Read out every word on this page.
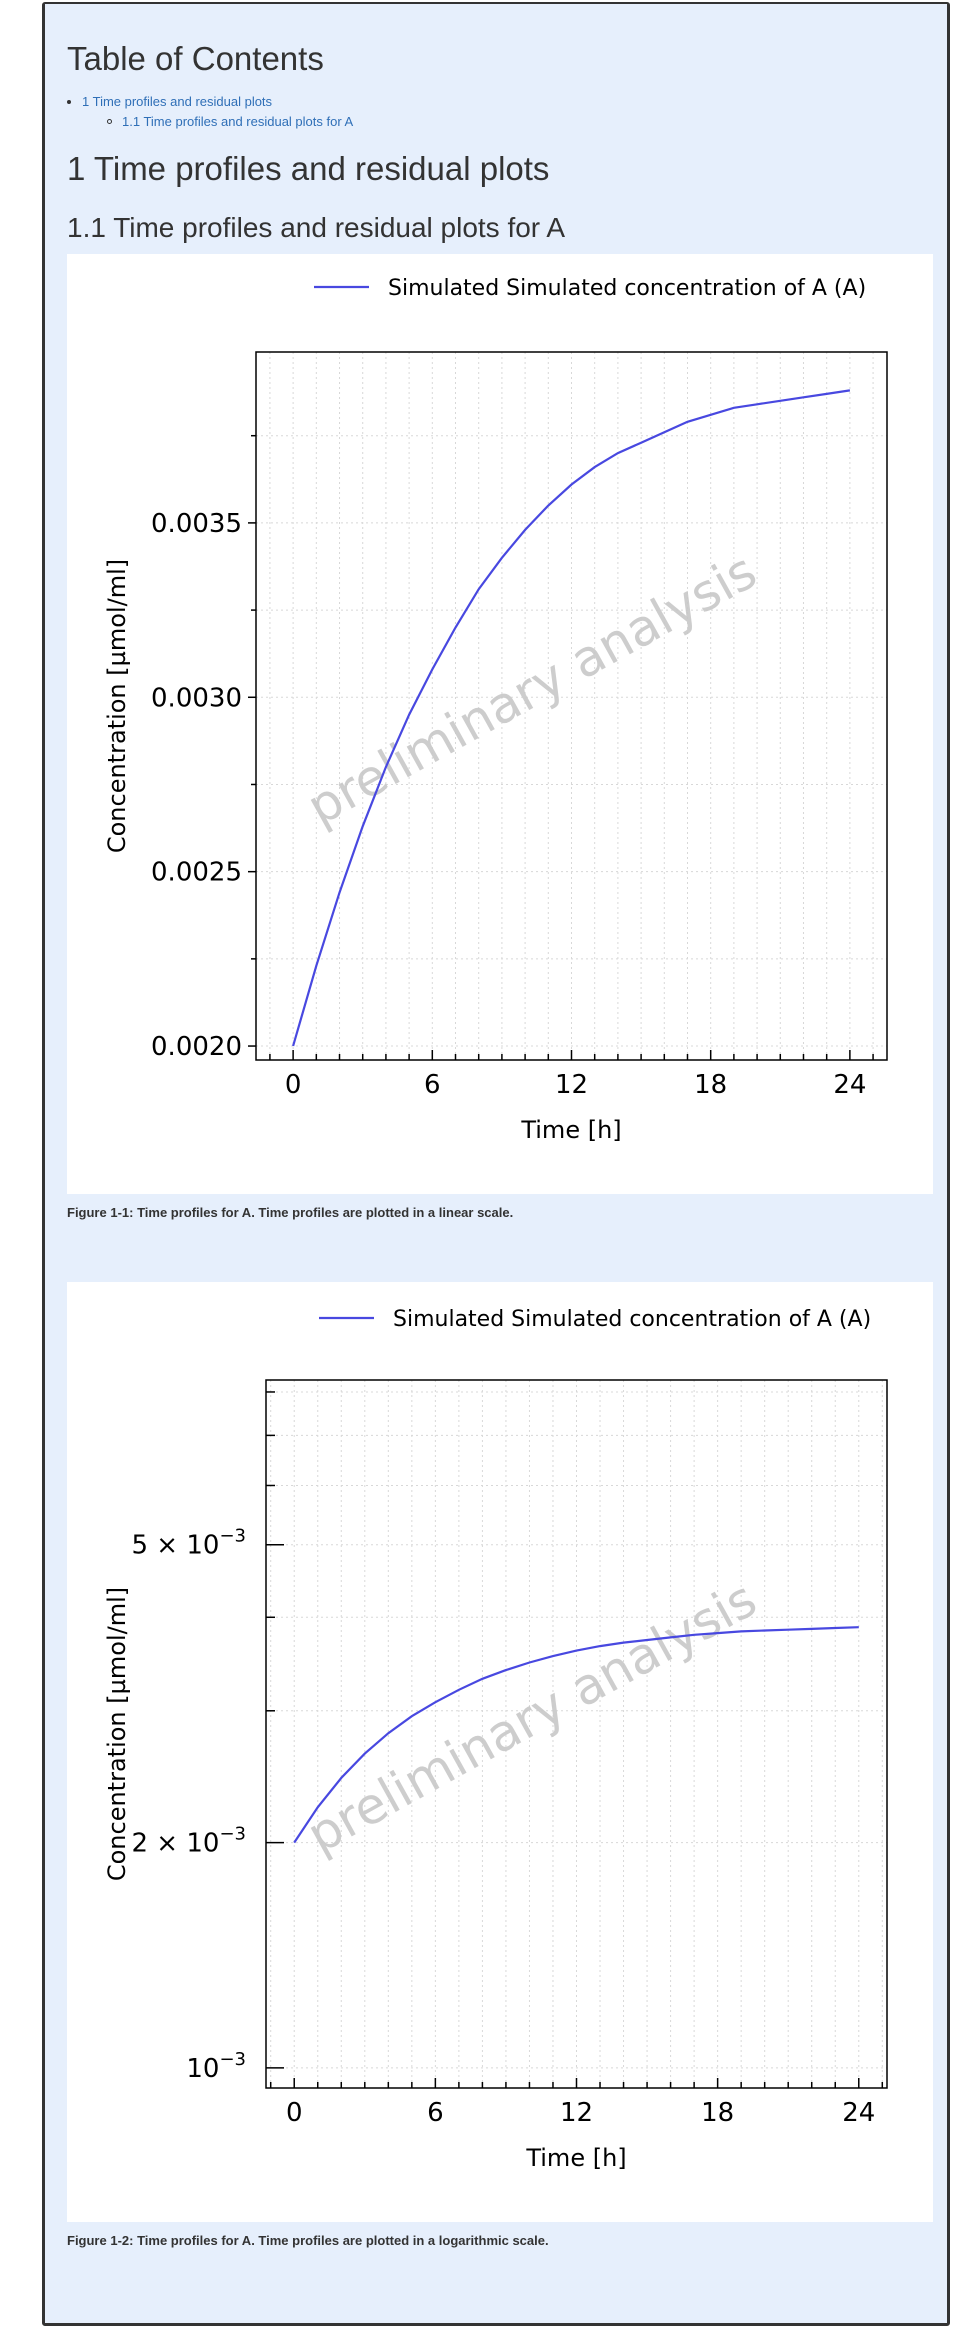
Table of Contents
1 Time profiles and residual plots
1.1 Time profiles and residual plots for A
1 Time profiles and residual plots
1.1 Time profiles and residual plots for A
0	6	12	18	24
0.0020
0.0025
0.0030
0.0035
Time [h]
Concentration [µmol/ml]	preliminary analysis
Simulated Simulated concentration of A (A)
Figure 1-1: Time profiles for A. Time profiles are plotted in a linear scale.
0	6	12	18	24
$10^{-3}$
$2 \times 10^{-3}$
$5 \times 10^{-3}$
Time [h]
Concentration [µmol/ml]	preliminary analysis
Simulated Simulated concentration of A (A)
Figure 1-2: Time profiles for A. Time profiles are plotted in a logarithmic scale.
